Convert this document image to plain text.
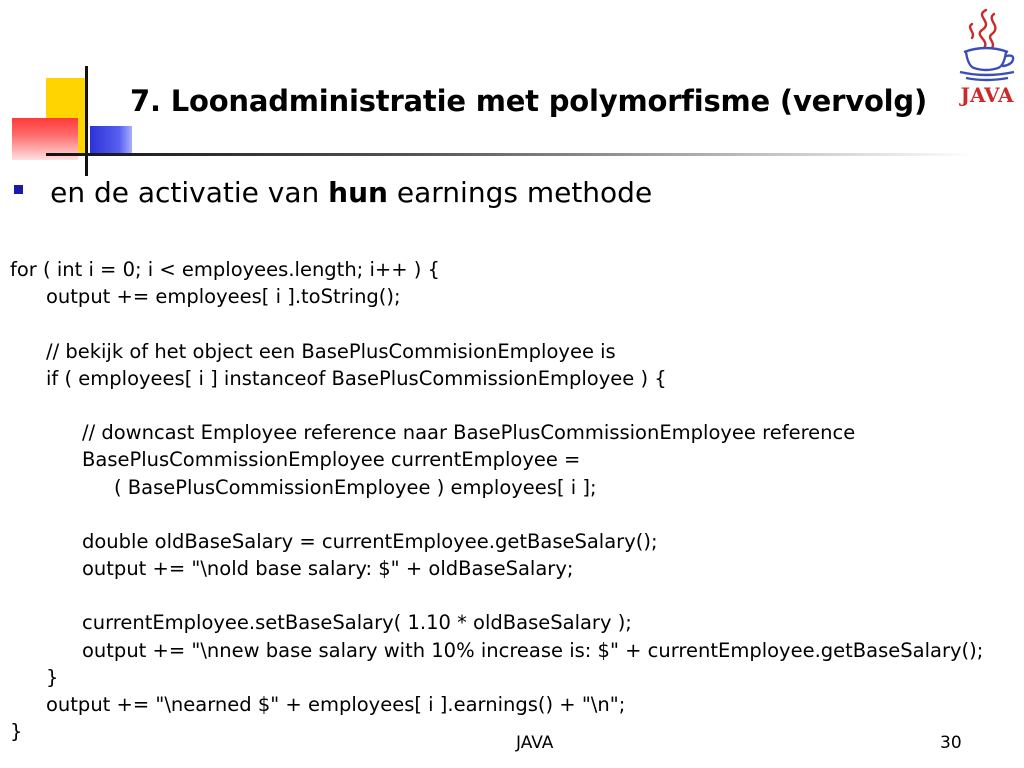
7. Loonadministratie met polymorfisme (vervolg) JAVA
en de activatie van hun earnings methode
for ( int i = 0; i < employees.length; i++ ) {
output += employees[ i ].toString();
// bekijk of het object een BasePlusCommisionEmployee is
if ( employees[ i ] instanceof BasePlusCommissionEmployee ) {
// downcast Employee reference naar BasePlusCommissionEmployee reference
BasePlusCommissionEmployee currentEmployee =
( BasePlusCommissionEmployee ) employees[ i ];
double oldBaseSalary = currentEmployee.getBaseSalary();
output += "\nold base salary: $" + oldBaseSalary;
currentEmployee.setBaseSalary( 1.10 * oldBaseSalary );
output += "\nnew base salary with 10% increase is: $" + currentEmployee.getBaseSalary();
}
output += "\nearned $" + employees[ i ].earnings() + "\n";
}	JAVA	30
